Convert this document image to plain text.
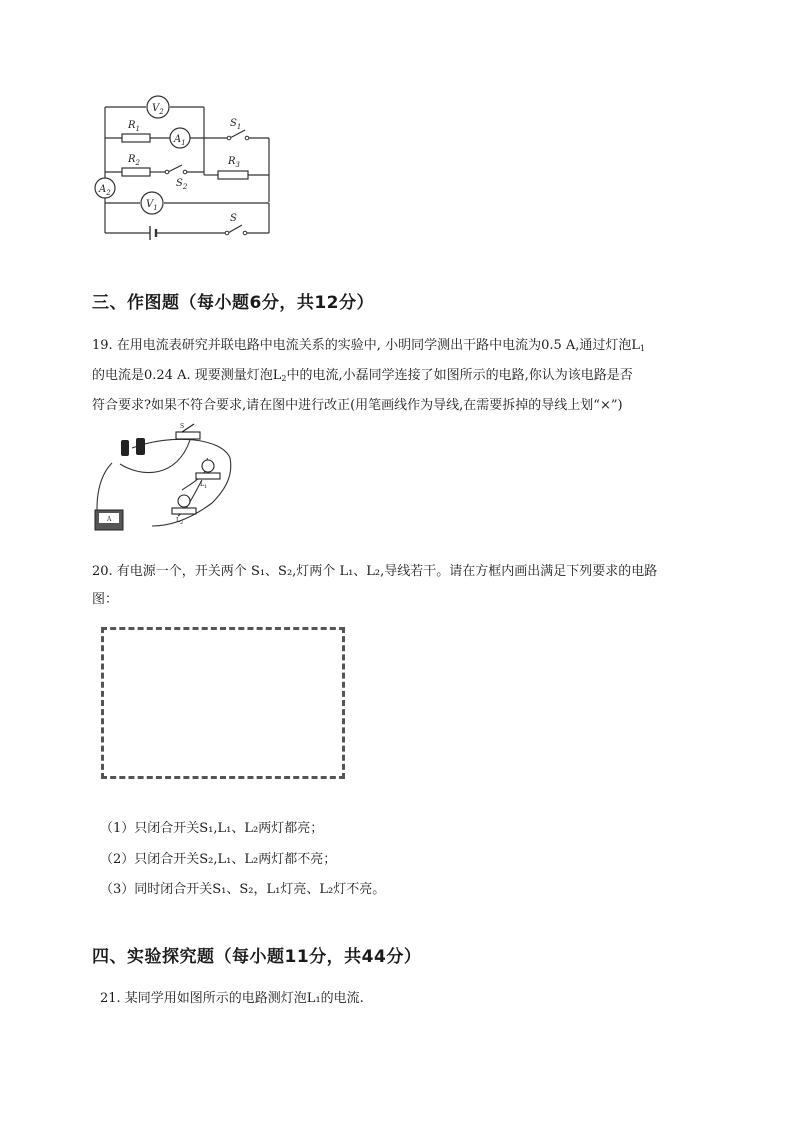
$V_2$
$A_1$
$A_2$
$V_1$
$R_1$
$R_2$	$R_3$
$S_1$
$S_2$
S
三、作图题（每小题6分，共12分）
19. 在用电流表研究并联电路中电流关系的实验中, 小明同学测出干路中电流为0.5 A,通过灯泡$L_1$
的电流是0.24 A. 现要测量灯泡$L_2$中的电流,小磊同学连接了如图所示的电路,你认为该电路是否
符合要求?如果不符合要求,请在图中进行改正(用笔画线作为导线,在需要拆掉的导线上划“×”)
S
$L_1$
$L_2$
A
20. 有电源一个，开关两个 S₁、S₂,灯两个 L₁、L₂,导线若干。请在方框内画出满足下列要求的电路
图：
（1）只闭合开关S₁,L₁、L₂两灯都亮；
（2）只闭合开关S₂,L₁、L₂两灯都不亮；
（3）同时闭合开关S₁、S₂，L₁灯亮、L₂灯不亮。
四、实验探究题（每小题11分，共44分）
21. 某同学用如图所示的电路测灯泡L₁的电流.
